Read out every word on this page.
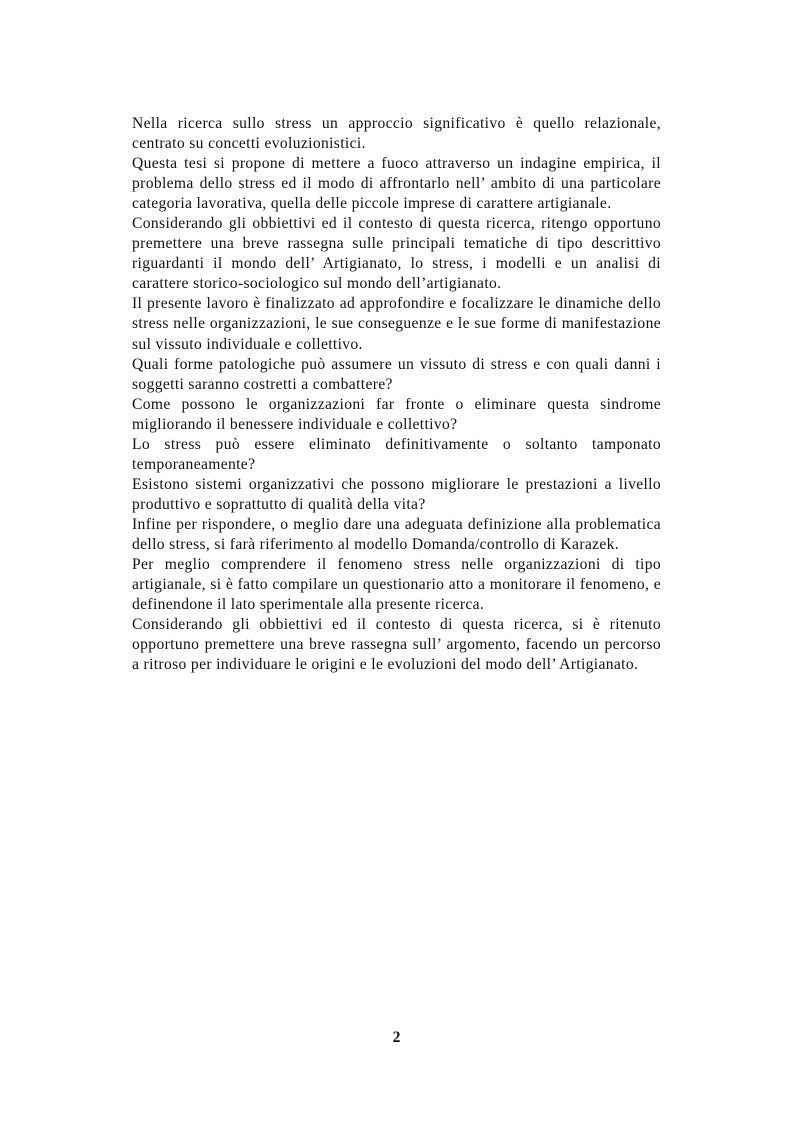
Nella ricerca sullo stress un approccio significativo è quello relazionale, centrato su concetti evoluzionistici.

Questa tesi si propone di mettere a fuoco attraverso un indagine empirica, il problema dello stress ed il modo di affrontarlo nell’ ambito di una particolare categoria lavorativa, quella delle piccole imprese di carattere artigianale.

Considerando gli obbiettivi ed il contesto di questa ricerca, ritengo opportuno premettere una breve rassegna sulle principali tematiche di tipo descrittivo riguardanti il mondo dell’ Artigianato, lo stress, i modelli e un analisi di carattere storico-sociologico sul mondo dell’artigianato.

Il presente lavoro è finalizzato ad approfondire e focalizzare le dinamiche dello stress nelle organizzazioni, le sue conseguenze e le sue forme di manifestazione sul vissuto individuale e collettivo.

Quali forme patologiche può assumere un vissuto di stress e con quali danni i soggetti saranno costretti a combattere?

Come possono le organizzazioni far fronte o eliminare questa sindrome migliorando il benessere individuale e collettivo?

Lo stress può essere eliminato definitivamente o soltanto tamponato temporaneamente?

Esistono sistemi organizzativi che possono migliorare le prestazioni a livello produttivo e soprattutto di qualità della vita?

Infine per rispondere, o meglio dare una adeguata definizione alla problematica dello stress, si farà riferimento al modello Domanda/controllo di Karazek.

Per meglio comprendere il fenomeno stress nelle organizzazioni di tipo artigianale, si è fatto compilare un questionario atto a monitorare il fenomeno, e definendone il lato sperimentale alla presente ricerca.

Considerando gli obbiettivi ed il contesto di questa ricerca, si è ritenuto opportuno premettere una breve rassegna sull’ argomento, facendo un percorso a ritroso per individuare le origini e le evoluzioni del modo dell’ Artigianato.

2
